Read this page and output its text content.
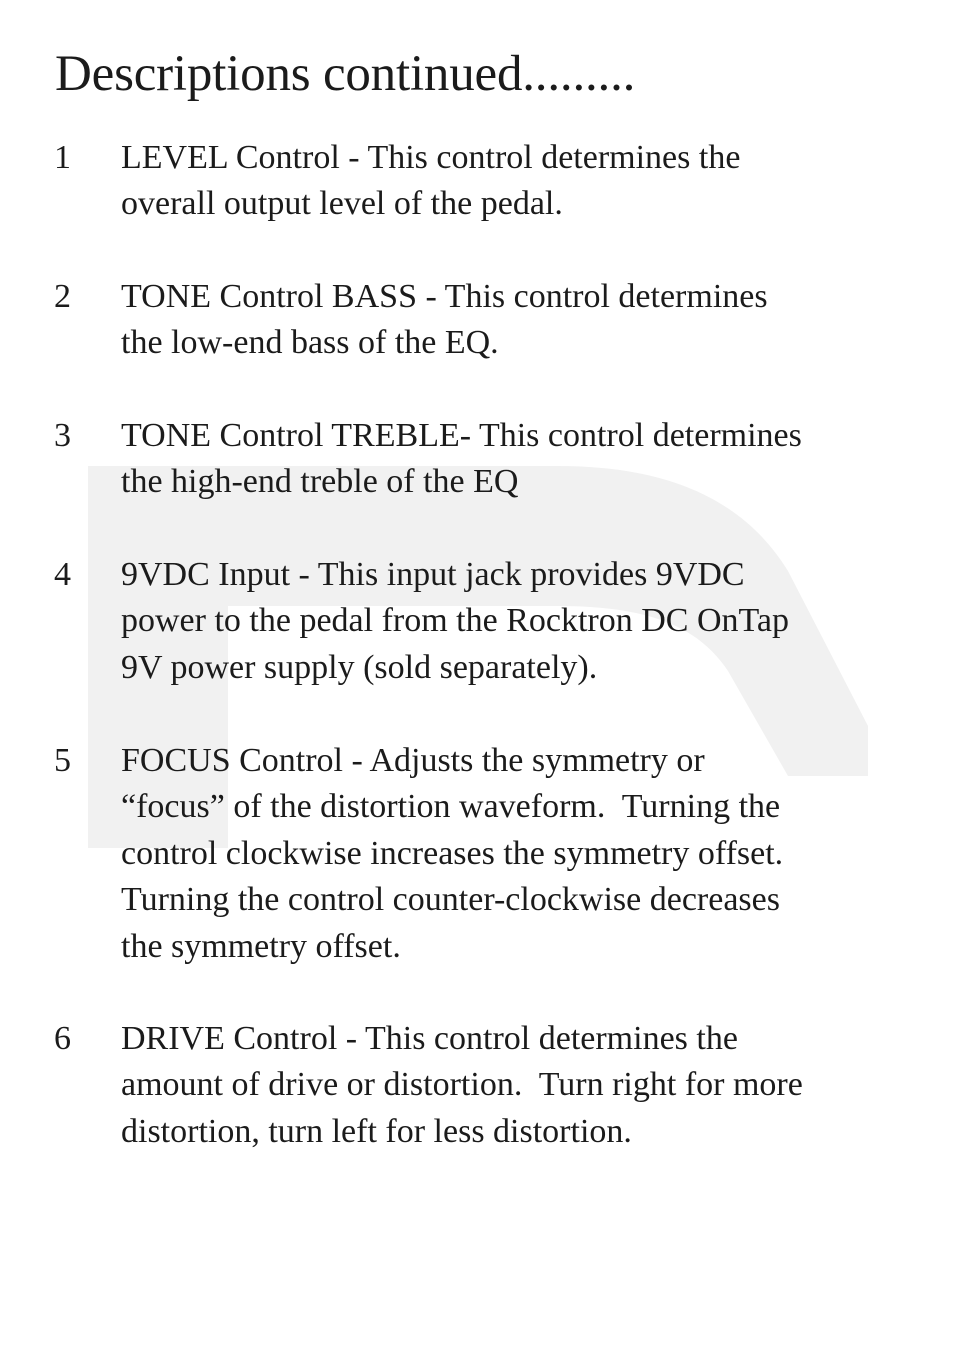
Descriptions continued.........
1 LEVEL Control - This control determines the
overall output level of the pedal.

2 TONE Control BASS - This control determines
the low-end bass of the EQ.

3 TONE Control TREBLE- This control determines
the high-end treble of the EQ

4 9VDC Input - This input jack provides 9VDC
power to the pedal from the Rocktron DC OnTap
9V power supply (sold separately).

5 FOCUS Control - Adjusts the symmetry or
“focus” of the distortion waveform.  Turning the
control clockwise increases the symmetry offset.
Turning the control counter-clockwise decreases
the symmetry offset.

6 DRIVE Control - This control determines the
amount of drive or distortion.  Turn right for more
distortion, turn left for less distortion.
